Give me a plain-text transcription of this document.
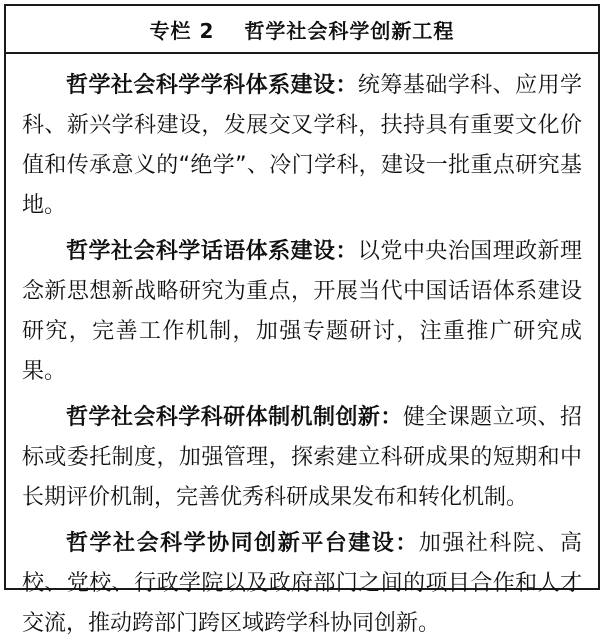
专栏 2 哲学社会科学创新工程

哲学社会科学学科体系建设：统筹基础学科、应用学科、新兴学科建设，发展交叉学科，扶持具有重要文化价值和传承意义的“绝学”、冷门学科，建设一批重点研究基地。

哲学社会科学话语体系建设：以党中央治国理政新理念新思想新战略研究为重点，开展当代中国话语体系建设研究，完善工作机制，加强专题研讨，注重推广研究成果。

哲学社会科学科研体制机制创新：健全课题立项、招标或委托制度，加强管理，探索建立科研成果的短期和中长期评价机制，完善优秀科研成果发布和转化机制。

哲学社会科学协同创新平台建设：加强社科院、高校、党校、行政学院以及政府部门之间的项目合作和人才交流，推动跨部门跨区域跨学科协同创新。
